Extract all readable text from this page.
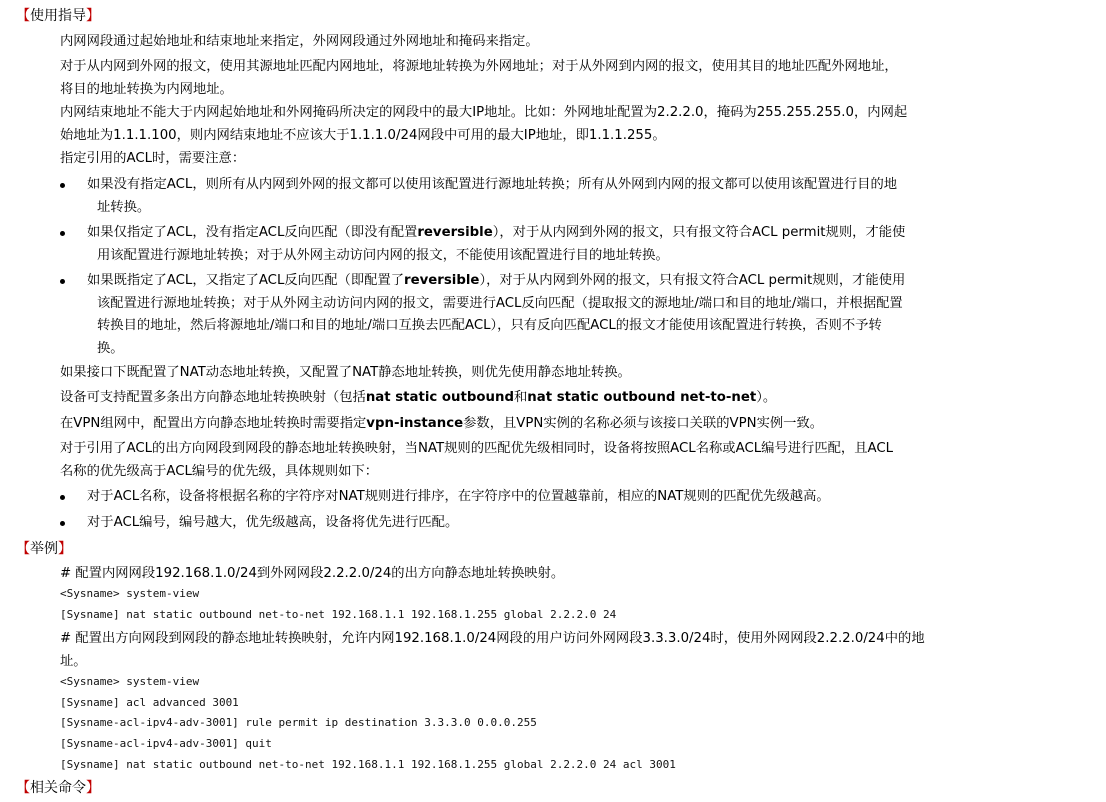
【使用指导】
内网网段通过起始地址和结束地址来指定，外网网段通过外网地址和掩码来指定。
对于从内网到外网的报文，使用其源地址匹配内网地址，将源地址转换为外网地址；对于从外网到内网的报文，使用其目的地址匹配外网地址，
将目的地址转换为内网地址。
内网结束地址不能大于内网起始地址和外网掩码所决定的网段中的最大IP地址。比如：外网地址配置为2.2.2.0，掩码为255.255.255.0，内网起
始地址为1.1.1.100，则内网结束地址不应该大于1.1.1.0/24网段中可用的最大IP地址，即1.1.1.255。
指定引用的ACL时，需要注意：
如果没有指定ACL，则所有从内网到外网的报文都可以使用该配置进行源地址转换；所有从外网到内网的报文都可以使用该配置进行目的地
址转换。
如果仅指定了ACL，没有指定ACL反向匹配（即没有配置reversible），对于从内网到外网的报文，只有报文符合ACL permit规则，才能使
用该配置进行源地址转换；对于从外网主动访问内网的报文，不能使用该配置进行目的地址转换。
如果既指定了ACL，又指定了ACL反向匹配（即配置了reversible），对于从内网到外网的报文，只有报文符合ACL permit规则，才能使用
该配置进行源地址转换；对于从外网主动访问内网的报文，需要进行ACL反向匹配（提取报文的源地址/端口和目的地址/端口，并根据配置
转换目的地址，然后将源地址/端口和目的地址/端口互换去匹配ACL），只有反向匹配ACL的报文才能使用该配置进行转换，否则不予转
换。
如果接口下既配置了NAT动态地址转换，又配置了NAT静态地址转换，则优先使用静态地址转换。
设备可支持配置多条出方向静态地址转换映射（包括nat static outbound和nat static outbound net-to-net）。
在VPN组网中，配置出方向静态地址转换时需要指定vpn-instance参数，且VPN实例的名称必须与该接口关联的VPN实例一致。
对于引用了ACL的出方向网段到网段的静态地址转换映射，当NAT规则的匹配优先级相同时，设备将按照ACL名称或ACL编号进行匹配，且ACL
名称的优先级高于ACL编号的优先级，具体规则如下：
对于ACL名称，设备将根据名称的字符序对NAT规则进行排序，在字符序中的位置越靠前，相应的NAT规则的匹配优先级越高。
对于ACL编号，编号越大，优先级越高，设备将优先进行匹配。
【举例】
# 配置内网网段192.168.1.0/24到外网网段2.2.2.0/24的出方向静态地址转换映射。
<Sysname> system-view
[Sysname] nat static outbound net-to-net 192.168.1.1 192.168.1.255 global 2.2.2.0 24
# 配置出方向网段到网段的静态地址转换映射，允许内网192.168.1.0/24网段的用户访问外网网段3.3.3.0/24时，使用外网网段2.2.2.0/24中的地
址。
<Sysname> system-view
[Sysname] acl advanced 3001
[Sysname-acl-ipv4-adv-3001] rule permit ip destination 3.3.3.0 0.0.0.255
[Sysname-acl-ipv4-adv-3001] quit
[Sysname] nat static outbound net-to-net 192.168.1.1 192.168.1.255 global 2.2.2.0 24 acl 3001
【相关命令】
